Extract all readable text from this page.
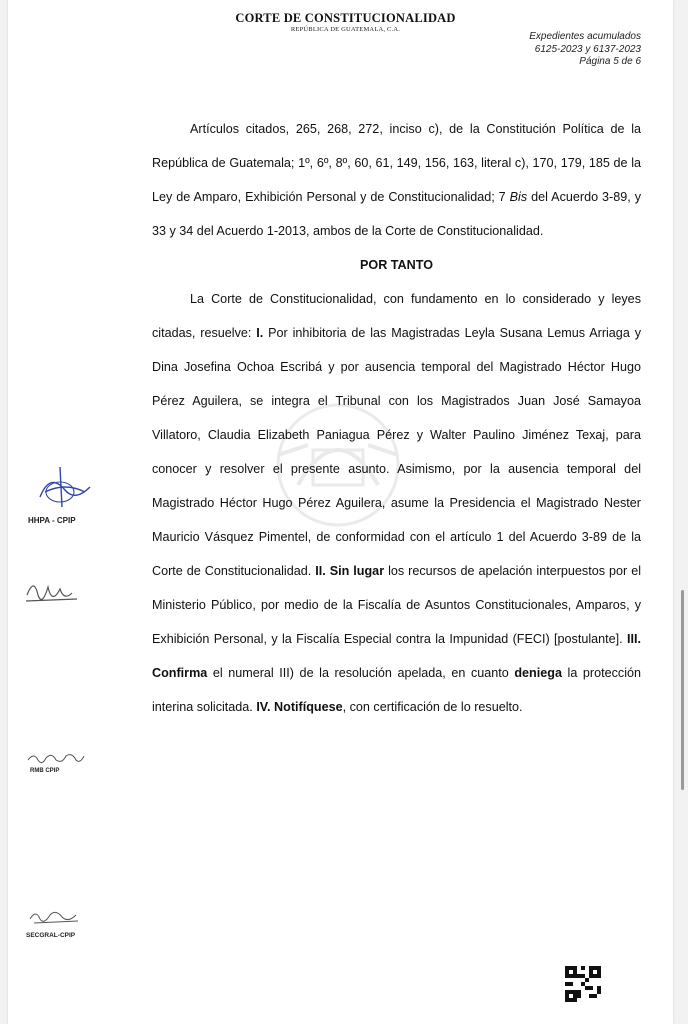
CORTE DE CONSTITUCIONALIDAD
REPÚBLICA DE GUATEMALA, C.A.
Expedientes acumulados
6125-2023 y 6137-2023
Página 5 de 6

Artículos citados, 265, 268, 272, inciso c), de la Constitución Política de la República de Guatemala; 1º, 6º, 8º, 60, 61, 149, 156, 163, literal c), 170, 179, 185 de la Ley de Amparo, Exhibición Personal y de Constitucionalidad; 7 Bis del Acuerdo 3-89, y 33 y 34 del Acuerdo 1-2013, ambos de la Corte de Constitucionalidad.

POR TANTO

La Corte de Constitucionalidad, con fundamento en lo considerado y leyes citadas, resuelve: I. Por inhibitoria de las Magistradas Leyla Susana Lemus Arriaga y Dina Josefina Ochoa Escribá y por ausencia temporal del Magistrado Héctor Hugo Pérez Aguilera, se integra el Tribunal con los Magistrados Juan José Samayoa Villatoro, Claudia Elizabeth Paniagua Pérez y Walter Paulino Jiménez Texaj, para conocer y resolver el presente asunto. Asimismo, por la ausencia temporal del Magistrado Héctor Hugo Pérez Aguilera, asume la Presidencia el Magistrado Nester Mauricio Vásquez Pimentel, de conformidad con el artículo 1 del Acuerdo 3-89 de la Corte de Constitucionalidad. II. Sin lugar los recursos de apelación interpuestos por el Ministerio Público, por medio de la Fiscalía de Asuntos Constitucionales, Amparos, y Exhibición Personal, y la Fiscalía Especial contra la Impunidad (FECI) [postulante]. III. Confirma el numeral III) de la resolución apelada, en cuanto deniega la protección interina solicitada. IV. Notifíquese, con certificación de lo resuelto.

HHPA - CPIP
RMB CPIP
SECGRAL-CPIP
